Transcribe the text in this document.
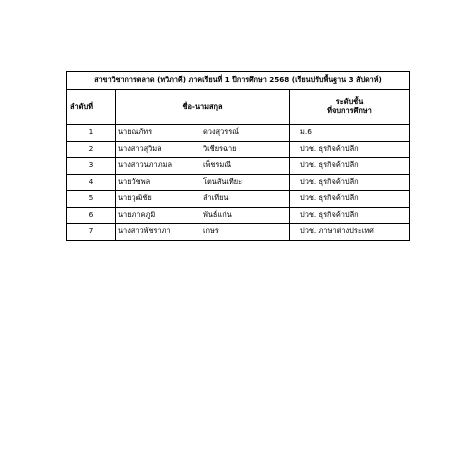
สาขาวิชาการตลาด (ทวิภาคี) ภาคเรียนที่ 1 ปีการศึกษา 2568 (เรียนปรับพื้นฐาน 3 สัปดาห์)		
ลำดับที่	ชื่อ-นามสกุล	ระดับชั้น
ที่จบการศึกษา

1	นายณภัทร ดวงสุวรรณ์	ม.6
2	นางสาวสุวิมล วิเชียรฉาย	ปวช. ธุรกิจค้าปลีก
3	นางสาวนภาภมล เพ็ชรมณี	ปวช. ธุรกิจค้าปลีก
4	นายวัชพล โตนสันเทียะ	ปวช. ธุรกิจค้าปลีก
5	นายวุฒิชัย ลำเทียน	ปวช. ธุรกิจค้าปลีก
6	นายภาคภูมิ พันธ์แก่น	ปวช. ธุรกิจค้าปลีก
7	นางสาวพัชราภา เกษร	ปวช. ภาษาต่างประเทศ
